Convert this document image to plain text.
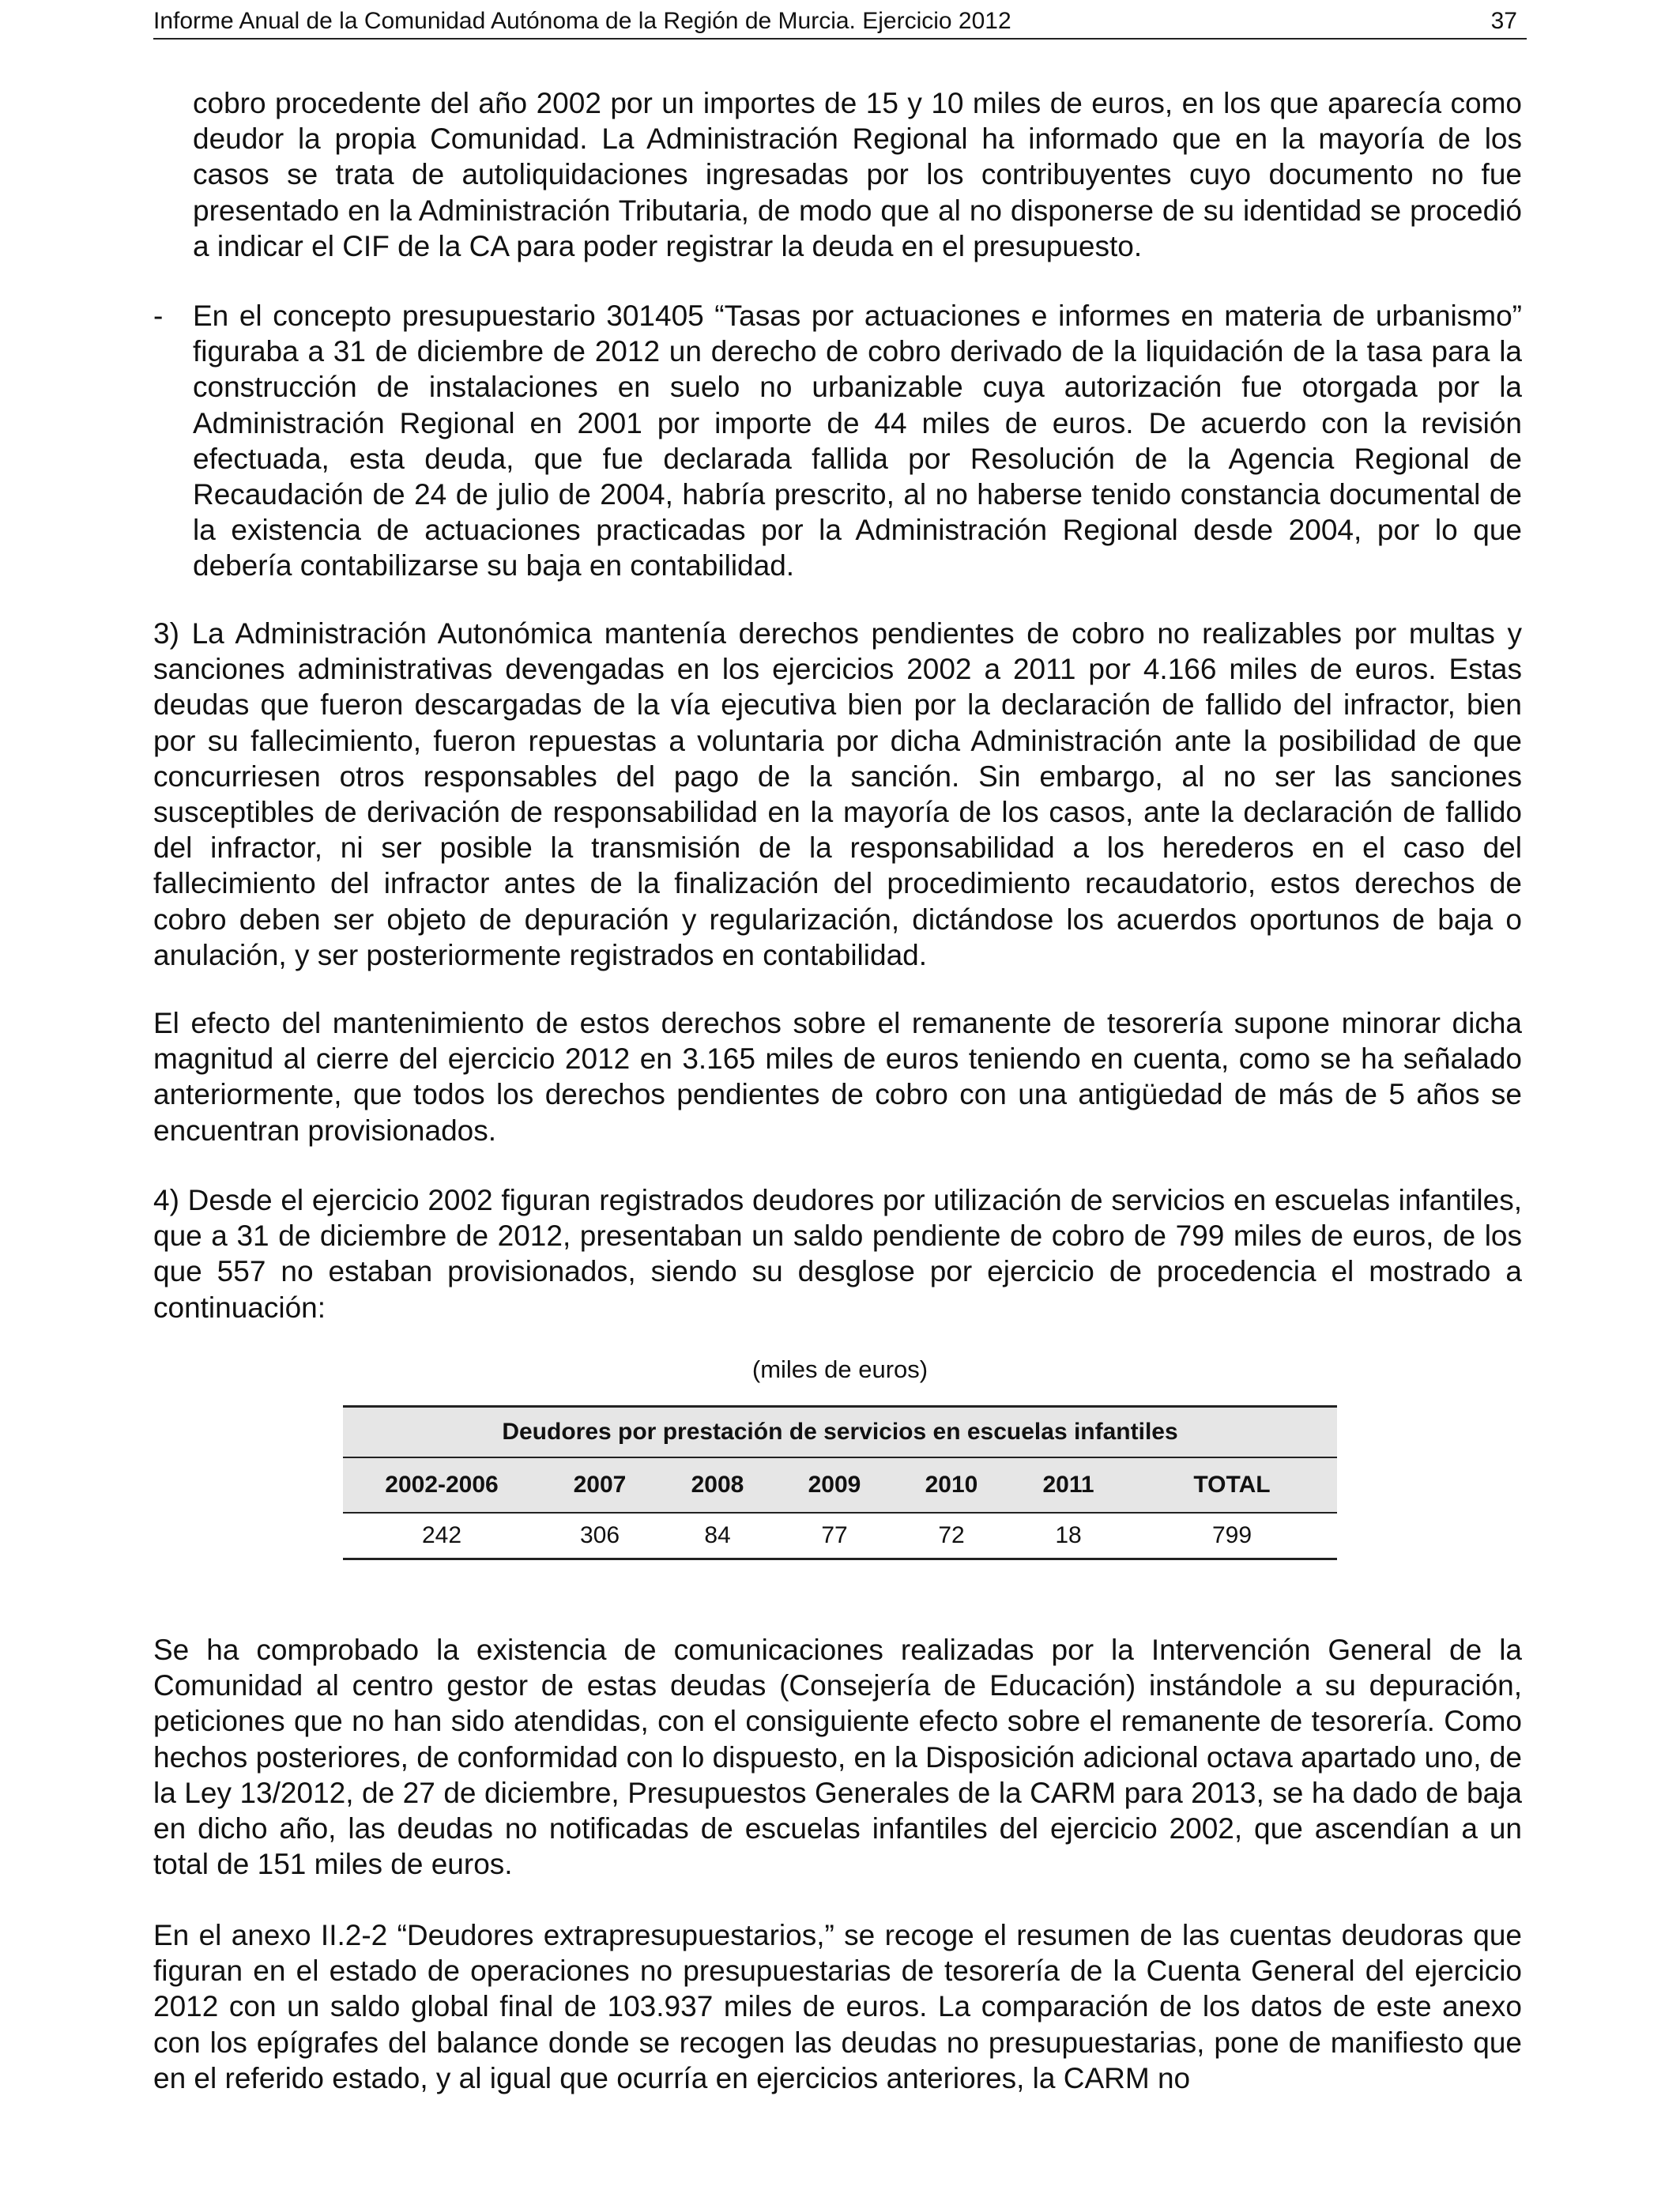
Informe Anual de la Comunidad Autónoma de la Región de Murcia. Ejercicio 2012	37

cobro procedente del año 2002 por un importes de 15 y 10 miles de euros, en los que aparecía como deudor la propia Comunidad. La Administración Regional ha informado que en la mayoría de los casos se trata de autoliquidaciones ingresadas por los contribuyentes cuyo documento no fue presentado en la Administración Tributaria, de modo que al no disponerse de su identidad se procedió a indicar el CIF de la CA para poder registrar la deuda en el presupuesto.

- En el concepto presupuestario 301405 “Tasas por actuaciones e informes en materia de urbanismo” figuraba a 31 de diciembre de 2012 un derecho de cobro derivado de la liquidación de la tasa para la construcción de instalaciones en suelo no urbanizable cuya autorización fue otorgada por la Administración Regional en 2001 por importe de 44 miles de euros. De acuerdo con la revisión efectuada, esta deuda, que fue declarada fallida por Resolución de la Agencia Regional de Recaudación de 24 de julio de 2004, habría prescrito, al no haberse tenido constancia documental de la existencia de actuaciones practicadas por la Administración Regional desde 2004, por lo que debería contabilizarse su baja en contabilidad.

3) La Administración Autonómica mantenía derechos pendientes de cobro no realizables por multas y sanciones administrativas devengadas en los ejercicios 2002 a 2011 por 4.166 miles de euros. Estas deudas que fueron descargadas de la vía ejecutiva bien por la declaración de fallido del infractor, bien por su fallecimiento, fueron repuestas a voluntaria por dicha Administración ante la posibilidad de que concurriesen otros responsables del pago de la sanción. Sin embargo, al no ser las sanciones susceptibles de derivación de responsabilidad en la mayoría de los casos, ante la declaración de fallido del infractor, ni ser posible la transmisión de la responsabilidad a los herederos en el caso del fallecimiento del infractor antes de la finalización del procedimiento recaudatorio, estos derechos de cobro deben ser objeto de depuración y regularización, dictándose los acuerdos oportunos de baja o anulación, y ser posteriormente registrados en contabilidad.

El efecto del mantenimiento de estos derechos sobre el remanente de tesorería supone minorar dicha magnitud al cierre del ejercicio 2012 en 3.165 miles de euros teniendo en cuenta, como se ha señalado anteriormente, que todos los derechos pendientes de cobro con una antigüedad de más de 5 años se encuentran provisionados.

4) Desde el ejercicio 2002 figuran registrados deudores por utilización de servicios en escuelas infantiles, que a 31 de diciembre de 2012, presentaban un saldo pendiente de cobro de 799 miles de euros, de los que 557 no estaban provisionados, siendo su desglose por ejercicio de procedencia el mostrado a continuación:

(miles de euros)
Deudores por prestación de servicios en escuelas infantiles						
2002-2006	2007	2008	2009	2010	2011	TOTAL
242	306	84	77	72	18	799

Se ha comprobado la existencia de comunicaciones realizadas por la Intervención General de la Comunidad al centro gestor de estas deudas (Consejería de Educación) instándole a su depuración, peticiones que no han sido atendidas, con el consiguiente efecto sobre el remanente de tesorería. Como hechos posteriores, de conformidad con lo dispuesto, en la Disposición adicional octava apartado uno, de la Ley 13/2012, de 27 de diciembre, Presupuestos Generales de la CARM para 2013, se ha dado de baja en dicho año, las deudas no notificadas de escuelas infantiles del ejercicio 2002, que ascendían a un total de 151 miles de euros.

En el anexo II.2-2 “Deudores extrapresupuestarios,” se recoge el resumen de las cuentas deudoras que figuran en el estado de operaciones no presupuestarias de tesorería de la Cuenta General del ejercicio 2012 con un saldo global final de 103.937 miles de euros. La comparación de los datos de este anexo con los epígrafes del balance donde se recogen las deudas no presupuestarias, pone de manifiesto que en el referido estado, y al igual que ocurría en ejercicios anteriores, la CARM no
